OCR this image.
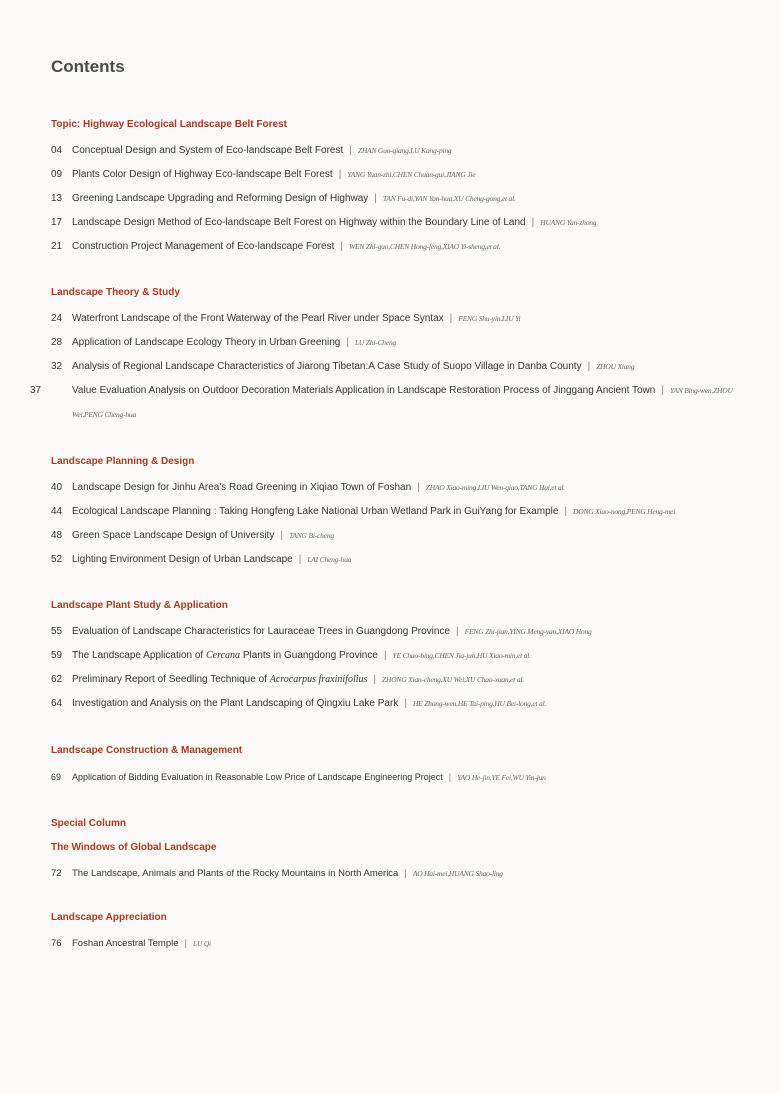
Contents
Topic: Highway Ecological Landscape Belt Forest
04 Conceptual Design and System of Eco-landscape Belt Forest | ZHAN Guo-qiang,LU Kang-ping
09 Plants Color Design of Highway Eco-landscape Belt Forest | YANG Yuan-zhi,CHEN Chuan-gui,JIANG Jie
13 Greening Landscape Upgrading and Reforming Design of Highway | TAN Fu-di,YAN Yan-hua,XU Cheng-gong,et al.
17 Landscape Design Method of Eco-landscape Belt Forest on Highway within the Boundary Line of Land | HUANG Yan-zhong
21 Construction Project Management of Eco-landscape Forest | WEN Zhi-guo,CHEN Hong-feng,XIAO Yi-sheng,et al.
Landscape Theory & Study
24 Waterfront Landscape of the Front Waterway of the Pearl River under Space Syntax | FENG Shu-yin,LIU Yi
28 Application of Landscape Ecology Theory in Urban Greening | LU Zhi-Cheng
32 Analysis of Regional Landscape Characteristics of Jiarong Tibetan:A Case Study of Suopo Village in Danba County | ZHOU Xiang
37	Value Evaluation Analysis on Outdoor Decoration Materials Application in Landscape Restoration Process of Jinggang Ancient Town | YAN Bing-wen,ZHOU Wei,PENG Cheng-hua
Landscape Planning & Design
40 Landscape Design for Jinhu Area's Road Greening in Xiqiao Town of Foshan | ZHAO Xiao-ming,LIU Wen-qiao,TANG Hai,et al.
44 Ecological Landscape Planning : Taking Hongfeng Lake National Urban Wetland Park in GuiYang for Example | DONG Xiao-nong,PENG Heng-mei
48 Green Space Landscape Design of University | TANG Bi-cheng
52 Lighting Environment Design of Urban Landscape | LAI Cheng-hua
Landscape Plant Study & Application
55 Evaluation of Landscape Characteristics for Lauraceae Trees in Guangdong Province | FENG Zhi-jian,YING Meng-yan,XIAO Hong
59 The Landscape Application of Cercana Plants in Guangdong Province | YE Chao-bing,CHEN Jia-jun,HU Xiao-min,et al.
62 Preliminary Report of Seedling Technique of Acrocarpus fraxinifolius | ZHONG Xian-cheng,XU Wei,XU Chao-xuan,et al.
64 Investigation and Analysis on the Plant Landscaping of Qingxiu Lake Park | HE Zhong-wen,HE Tai-ping,HU Bei-long,et al.
Landscape Construction & Management
69 Application of Bidding Evaluation in Reasonable Low Price of Landscape Engineering Project | YAO He-jin,YE Fei,WU Yin-jun
Special Column
The Windows of Global Landscape
72 The Landscape, Animals and Plants of the Rocky Mountains in North America | AO Hai-mei,HUANG Shao-ling
Landscape Appreciation
76 Foshan Ancestral Temple | LU Qi
